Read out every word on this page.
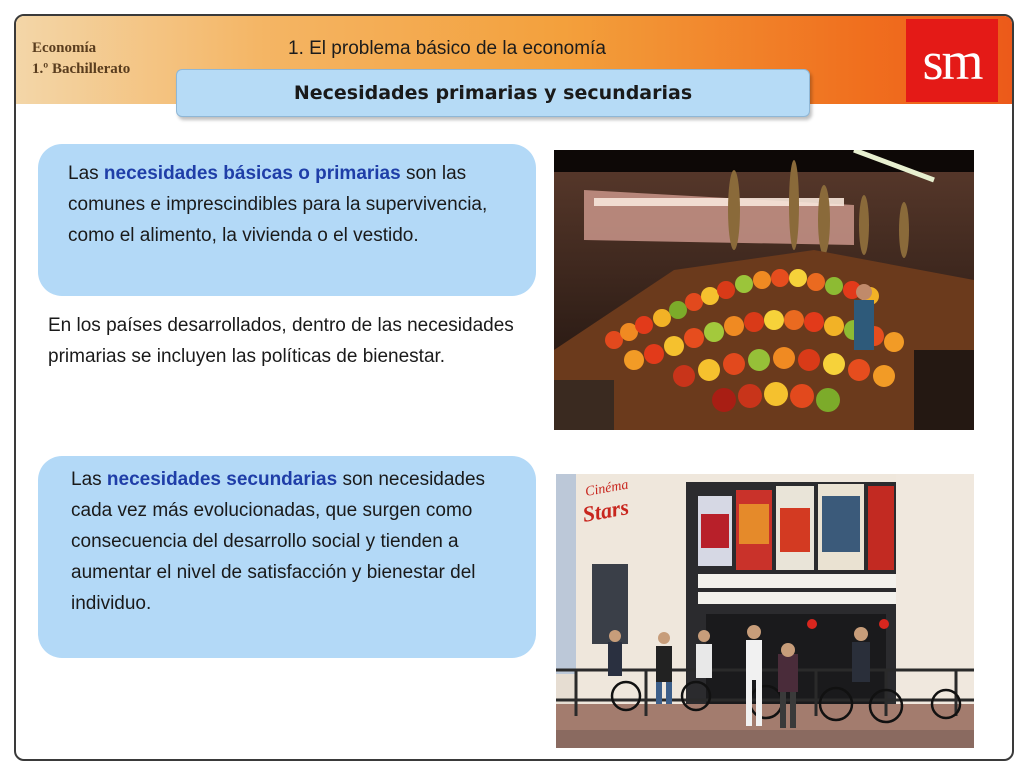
Economía
1.º Bachillerato
1. El problema básico de la economía	sm
Necesidades primarias y secundarias
Las necesidades básicas o primarias son las comunes e imprescindibles para la supervivencia, como el alimento, la vivienda o el vestido.
En los países desarrollados, dentro de las necesidades primarias se incluyen las políticas de bienestar.
Las necesidades secundarias son necesidades cada vez más evolucionadas, que surgen como consecuencia del desarrollo social y tienden a aumentar el nivel de satisfacción y bienestar del individuo.
Cinéma
Stars
